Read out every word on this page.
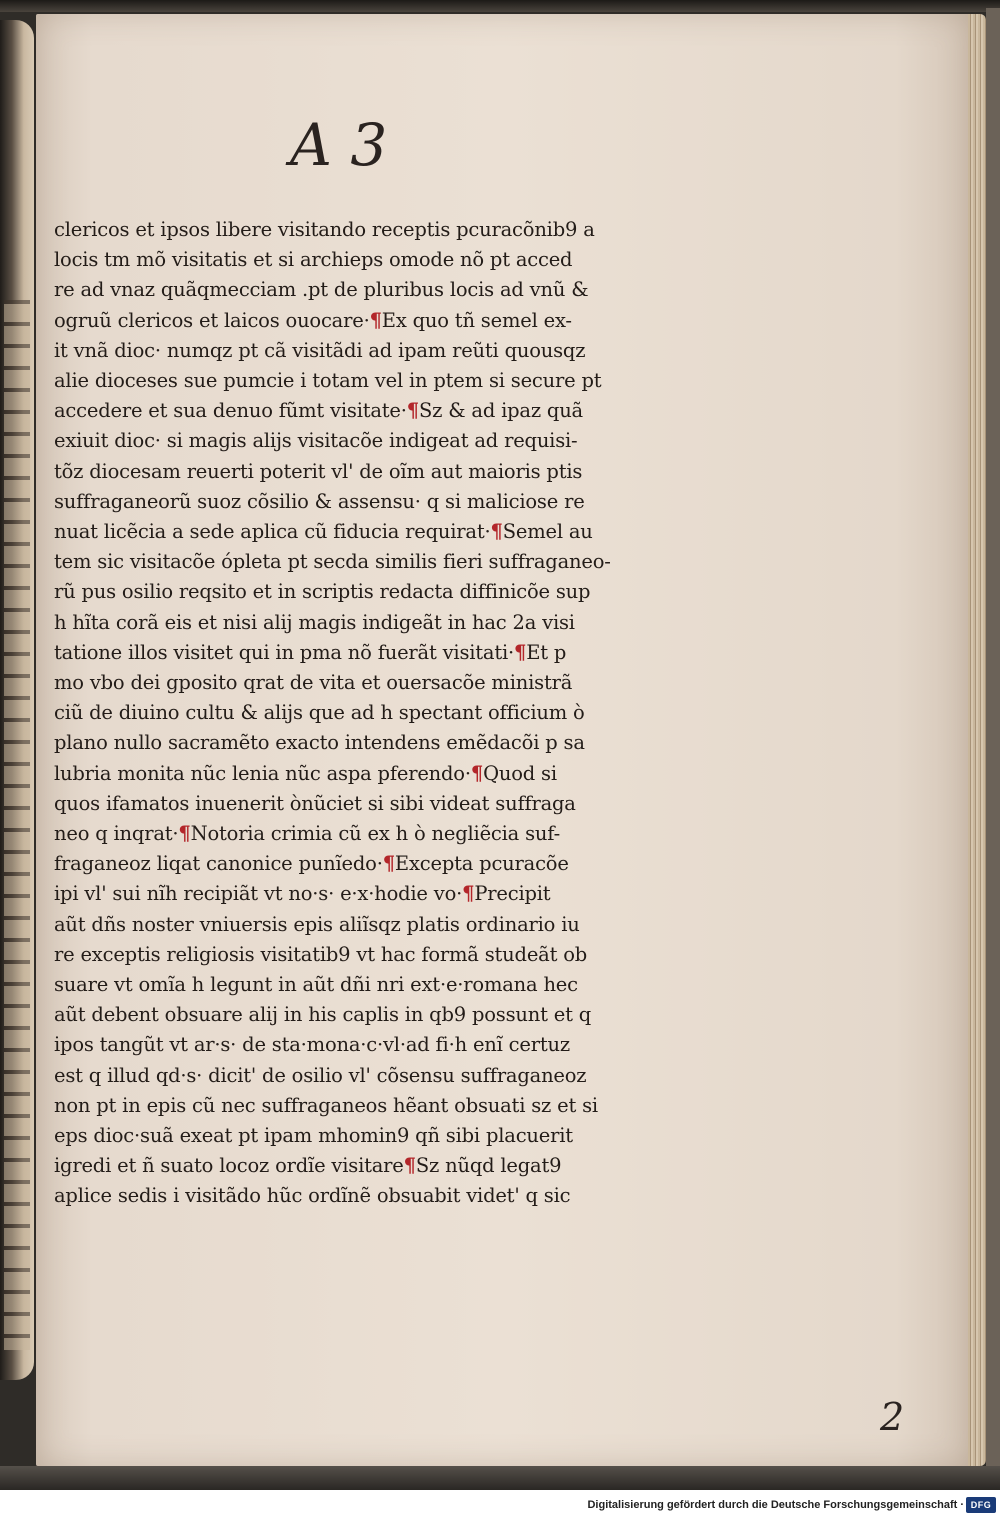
A 3
clericos et ipsos libere visitando receptis pcuracõnib9 a
locis tm mõ visitatis et si archieps omode nõ pt acced
re ad vnaz quãqmecciam .pt de pluribus locis ad vnũ &
ogruũ clericos et laicos ouocare·¶Ex quo tñ semel ex-
it vnã dioc· numqz pt cã visitãdi ad ipam reũti quousqz
alie dioceses sue pumcie i totam vel in ptem si secure pt
accedere et sua denuo fũmt visitate·¶Sz & ad ipaz quã
exiuit dioc· si magis alijs visitacõe indigeat ad requisi-
tõz diocesam reuerti poterit vl' de oĩm aut maioris ptis
suffraganeorũ suoz cõsilio & assensu· q si maliciose re
nuat licẽcia a sede aplica cũ fiducia requirat·¶Semel au
tem sic visitacõe ópleta pt secda similis fieri suffraganeo-
rũ pus osilio reqsito et in scriptis redacta diffinicõe sup
h hĩta corã eis et nisi alij magis indigeãt in hac 2a visi
tatione illos visitet qui in pma nõ fuerãt visitati·¶Et p
mo vbo dei gposito qrat de vita et ouersacõe ministrã
ciũ de diuino cultu & alijs que ad h spectant officium ò
plano nullo sacramẽto exacto intendens emẽdacõi p sa
lubria monita nũc lenia nũc aspa pferendo·¶Quod si
quos ifamatos inuenerit ònũciet si sibi videat suffraga
neo q inqrat·¶Notoria crimia cũ ex h ò negliẽcia suf-
fraganeoz liqat canonice punĩedo·¶Excepta pcuracõe
ipi vl' sui nĩh recipiãt vt no·s· e·x·hodie vo·¶Precipit
aũt dñs noster vniuersis epis aliĩsqz platis ordinario iu
re exceptis religiosis visitatib9 vt hac formã studeãt ob
suare vt omĩa h legunt in aũt dñi nri ext·e·romana hec
aũt debent obsuare alij in his caplis in qb9 possunt et q
ipos tangũt vt ar·s· de sta·mona·c·vl·ad fi·h enĩ certuz
est q illud qd·s· dicit' de osilio vl' cõsensu suffraganeoz
non pt in epis cũ nec suffraganeos hẽant obsuati sz et si
eps dioc·suã exeat pt ipam mhomin9 qñ sibi placuerit
igredi et ñ suato locoz ordĩe visitare¶Sz nũqd legat9
aplice sedis i visitãdo hũc ordĩnẽ obsuabit videt' q sic
2
Digitalisierung gefördert durch die Deutsche Forschungsgemeinschaft · DFG
